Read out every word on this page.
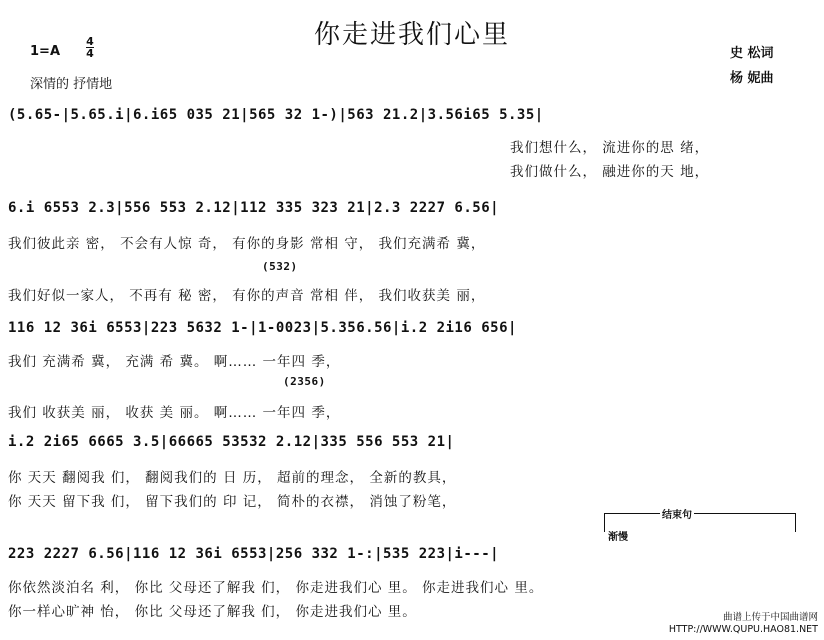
你走进我们心里
1=A
4
4
深情的 抒情地
史 松词
杨 妮曲
(5.65-|5.65.i|6.i65 035 21|565 32 1-)|563 21.2|3.56i65 5.35|
我们想什么， 流进你的思 绪，
我们做什么， 融进你的天 地，
6.i 6553 2.3|556 553 2.12|112 335 323 21|2.3 2227 6.56|
我们彼此亲 密， 不会有人惊 奇， 有你的身影 常相 守， 我们充满希 冀，
(532)
我们好似一家人， 不再有 秘 密， 有你的声音 常相 伴， 我们收获美 丽，
116 12 36i 6553|223 5632 1-|1-0023|5.356.56|i.2 2i16 656|
我们 充满希 冀， 充满 希 冀。 啊…… 一年四 季，
(2356)
我们 收获美 丽， 收获 美 丽。 啊…… 一年四 季，
i.2 2i65 6665 3.5|66665 53532 2.12|335 556 553 21|
你 天天 翻阅我 们， 翻阅我们的 日 历， 超前的理念， 全新的教具，
你 天天 留下我 们， 留下我们的 印 记， 简朴的衣襟， 消蚀了粉笔，
结束句
渐慢
223 2227 6.56|116 12 36i 6553|256 332 1-:|535 223|i---|
你依然淡泊名 利， 你比 父母还了解我 们， 你走进我们心 里。 你走进我们心 里。
你一样心旷神 怡， 你比 父母还了解我 们， 你走进我们心 里。	曲谱上传于中国曲谱网
HTTP://WWW.QUPU.HAO81.NET
